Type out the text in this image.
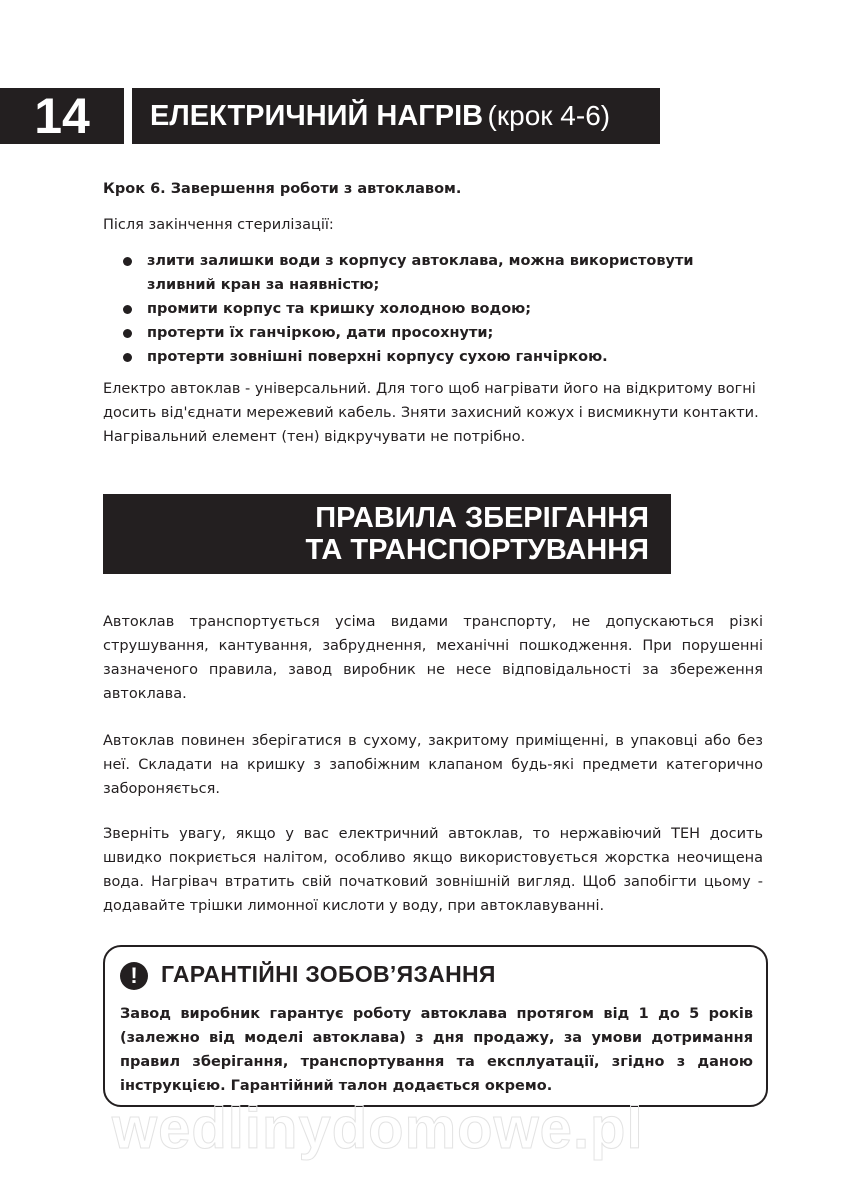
14	ЕЛЕКТРИЧНИЙ НАГРІВ (крок 4-6)
Крок 6. Завершення роботи з автоклавом.
Після закінчення стерилізації:
злити залишки води з корпусу автоклава, можна використовути зливний кран за наявністю;
промити корпус та кришку холодною водою;
протерти їх ганчіркою, дати просохнути;
протерти зовнішні поверхні корпусу сухою ганчіркою.

Електро автоклав - універсальний. Для того щоб нагрівати його на відкритому вогні досить від'єднати мережевий кабель. Зняти захисний кожух і висмикнути контакти. Нагрівальний елемент (тен) відкручувати не потрібно.

ПРАВИЛА ЗБЕРІГАННЯ
ТА ТРАНСПОРТУВАННЯ

Автоклав транспортується усіма видами транспорту, не допускаються різкі струшування, кантування, забруднення, механічні пошкодження. При порушенні зазначеного правила, завод виробник не несе відповідальності за збереження автоклава.

Автоклав повинен зберігатися в сухому, закритому приміщенні, в упаковці або без неї. Складати на кришку з запобіжним клапаном будь-які предмети категорично забороняється.

Зверніть увагу, якщо у вас електричний автоклав, то нержавіючий ТЕН досить швидко покриється налітом, особливо якщо використовується жорстка неочищена вода. Нагрівач втратить свій початковий зовнішній вигляд. Щоб запобігти цьому - додавайте трішки лимонної кислоти у воду, при автоклавуванні.

!	ГАРАНТІЙНІ ЗОБОВ’ЯЗАННЯ

Завод виробник гарантує роботу автоклава протягом від 1 до 5 років (залежно від моделі автоклава) з дня продажу, за умови дотримання правил зберігання, транспортування та експлуатації, згідно з даною інструкцією. Гарантійний талон додається окремо.

wedlinydomowe.pl
